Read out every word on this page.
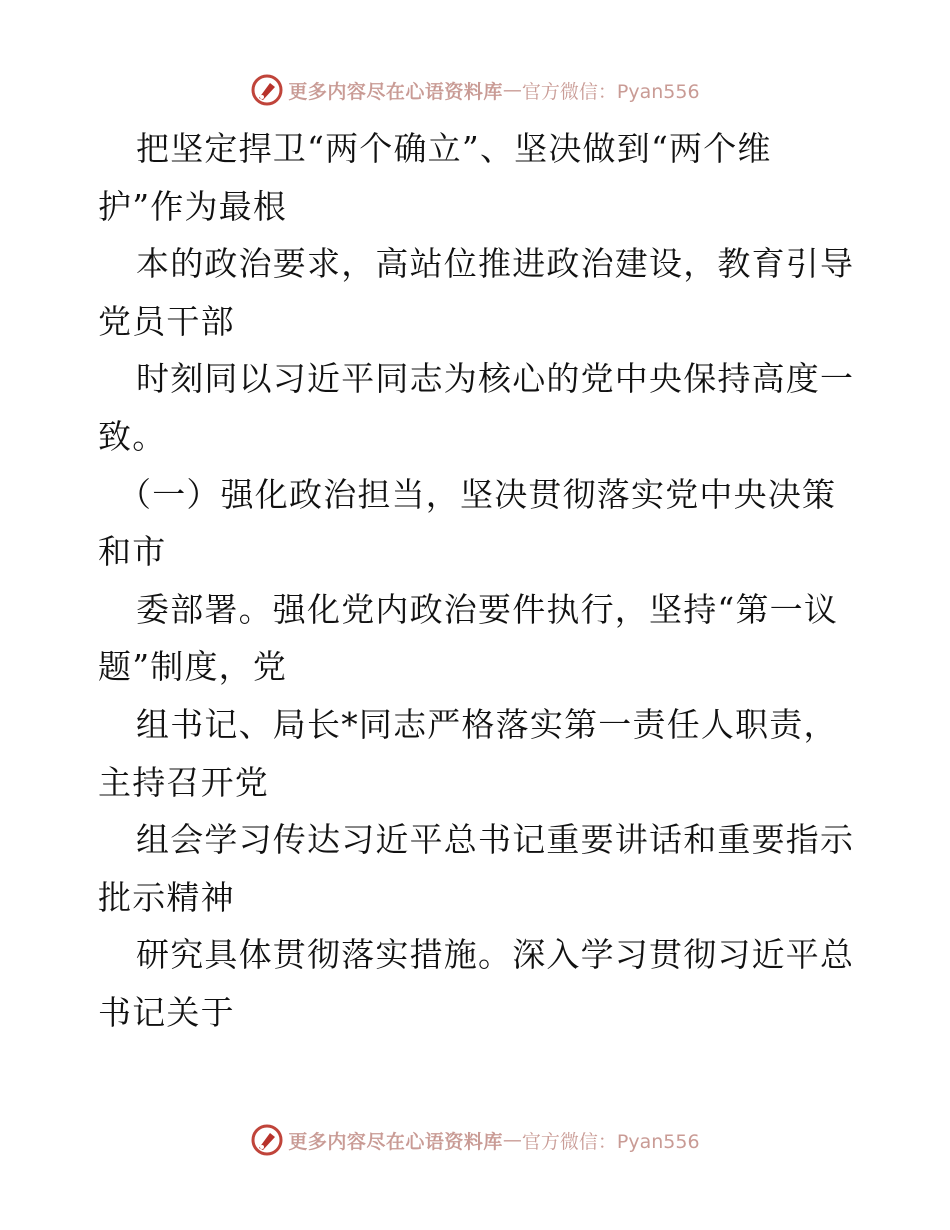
更多内容尽在心语资料库 — 官方微信：Pyan556
把坚定捍卫“两个确立”、坚决做到“两个维
护”作为最根
本的政治要求，高站位推进政治建设，教育引导
党员干部
时刻同以习近平同志为核心的党中央保持高度一
致。
（一）强化政治担当，坚决贯彻落实党中央决策
和市
委部署。强化党内政治要件执行，坚持“第一议
题”制度，党
组书记、局长*同志严格落实第一责任人职责，
主持召开党
组会学习传达习近平总书记重要讲话和重要指示
批示精神
研究具体贯彻落实措施。深入学习贯彻习近平总
书记关于
更多内容尽在心语资料库 — 官方微信：Pyan556
